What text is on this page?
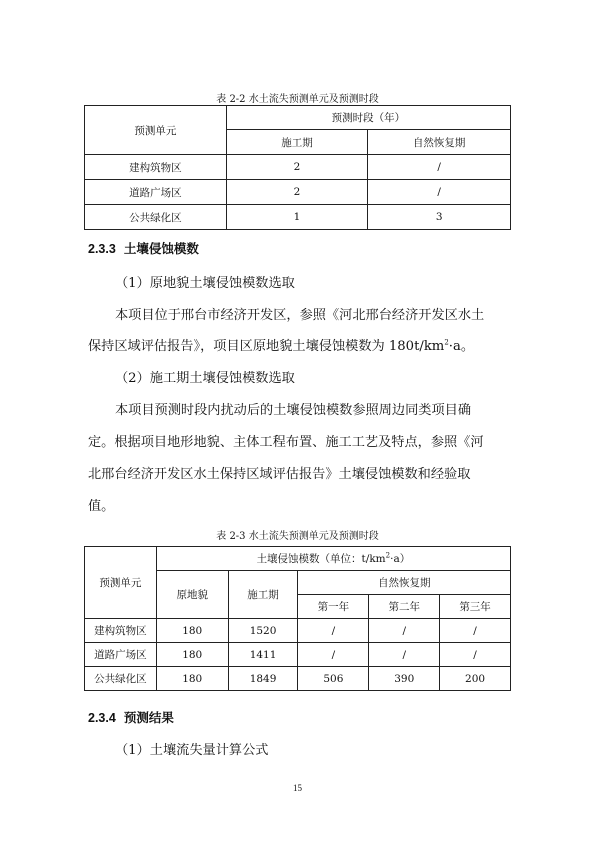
表 2-2 水土流失预测单元及预测时段
预测单元	预测时段（年）	
	施工期	自然恢复期
建构筑物区	2	/
道路广场区	2	/
公共绿化区	1	3
2.3.3 土壤侵蚀模数
（1）原地貌土壤侵蚀模数选取
本项目位于邢台市经济开发区，参照《河北邢台经济开发区水土
保持区域评估报告》，项目区原地貌土壤侵蚀模数为 $180t/km^2\cdot a$。
（2）施工期土壤侵蚀模数选取
本项目预测时段内扰动后的土壤侵蚀模数参照周边同类项目确
定。根据项目地形地貌、主体工程布置、施工工艺及特点，参照《河
北邢台经济开发区水土保持区域评估报告》土壤侵蚀模数和经验取
值。
表 2-3 水土流失预测单元及预测时段
预测单元	土壤侵蚀模数（单位：$t/km^2\cdot a$）				
	原地貌	施工期	自然恢复期		
			第一年	第二年	第三年
建构筑物区	180	1520	/	/	/
道路广场区	180	1411	/	/	/
公共绿化区	180	1849	506	390	200
2.3.4 预测结果
（1）土壤流失量计算公式
15
